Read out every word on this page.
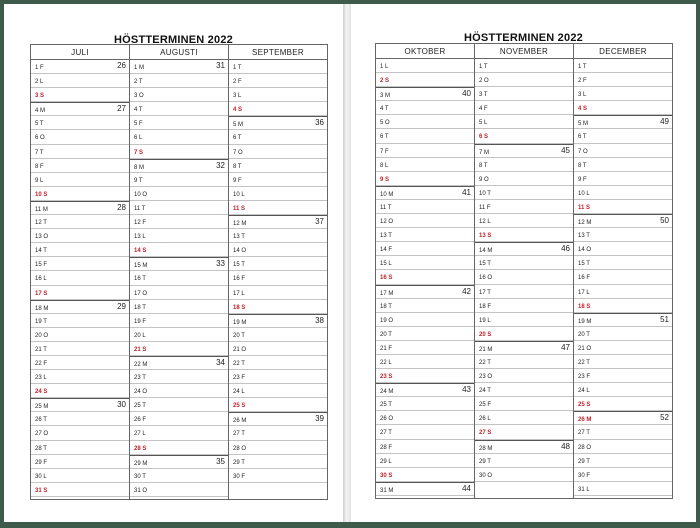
HÖSTTERMINEN 2022
JULI
1 F	26
2 L
3 S
4 M	27
5 T
6 O
7 T
8 F
9 L
10 S
11 M	28
12 T
13 O
14 T
15 F
16 L
17 S
18 M	29
19 T
20 O
21 T
22 F
23 L
24 S
25 M	30
26 T
27 O
28 T
29 F
30 L
31 S
AUGUSTI
1 M	31
2 T
3 O
4 T
5 F
6 L
7 S
8 M	32
9 T
10 O
11 T
12 F
13 L
14 S
15 M	33
16 T
17 O
18 T
19 F
20 L
21 S
22 M	34
23 T
24 O
25 T
26 F
27 L
28 S
29 M	35
30 T
31 O
SEPTEMBER
1 T
2 F
3 L
4 S
5 M	36
6 T
7 O
8 T
9 F
10 L
11 S
12 M	37
13 T
14 O
15 T
16 F
17 L
18 S
19 M	38
20 T
21 O
22 T
23 F
24 L
25 S
26 M	39
27 T
28 O
29 T
30 F
HÖSTTERMINEN 2022
OKTOBER
1 L
2 S
3 M	40
4 T
5 O
6 T
7 F
8 L
9 S
10 M	41
11 T
12 O
13 T
14 F
15 L
16 S
17 M	42
18 T
19 O
20 T
21 F
22 L
23 S
24 M	43
25 T
26 O
27 T
28 F
29 L
30 S
31 M	44
NOVEMBER
1 T
2 O
3 T
4 F
5 L
6 S
7 M	45
8 T
9 O
10 T
11 F
12 L
13 S
14 M	46
15 T
16 O
17 T
18 F
19 L
20 S
21 M	47
22 T
23 O
24 T
25 F
26 L
27 S
28 M	48
29 T
30 O
DECEMBER
1 T
2 F
3 L
4 S
5 M	49
6 T
7 O
8 T
9 F
10 L
11 S
12 M	50
13 T
14 O
15 T
16 F
17 L
18 S
19 M	51
20 T
21 O
22 T
23 F
24 L
25 S
26 M	52
27 T
28 O
29 T
30 F
31 L
